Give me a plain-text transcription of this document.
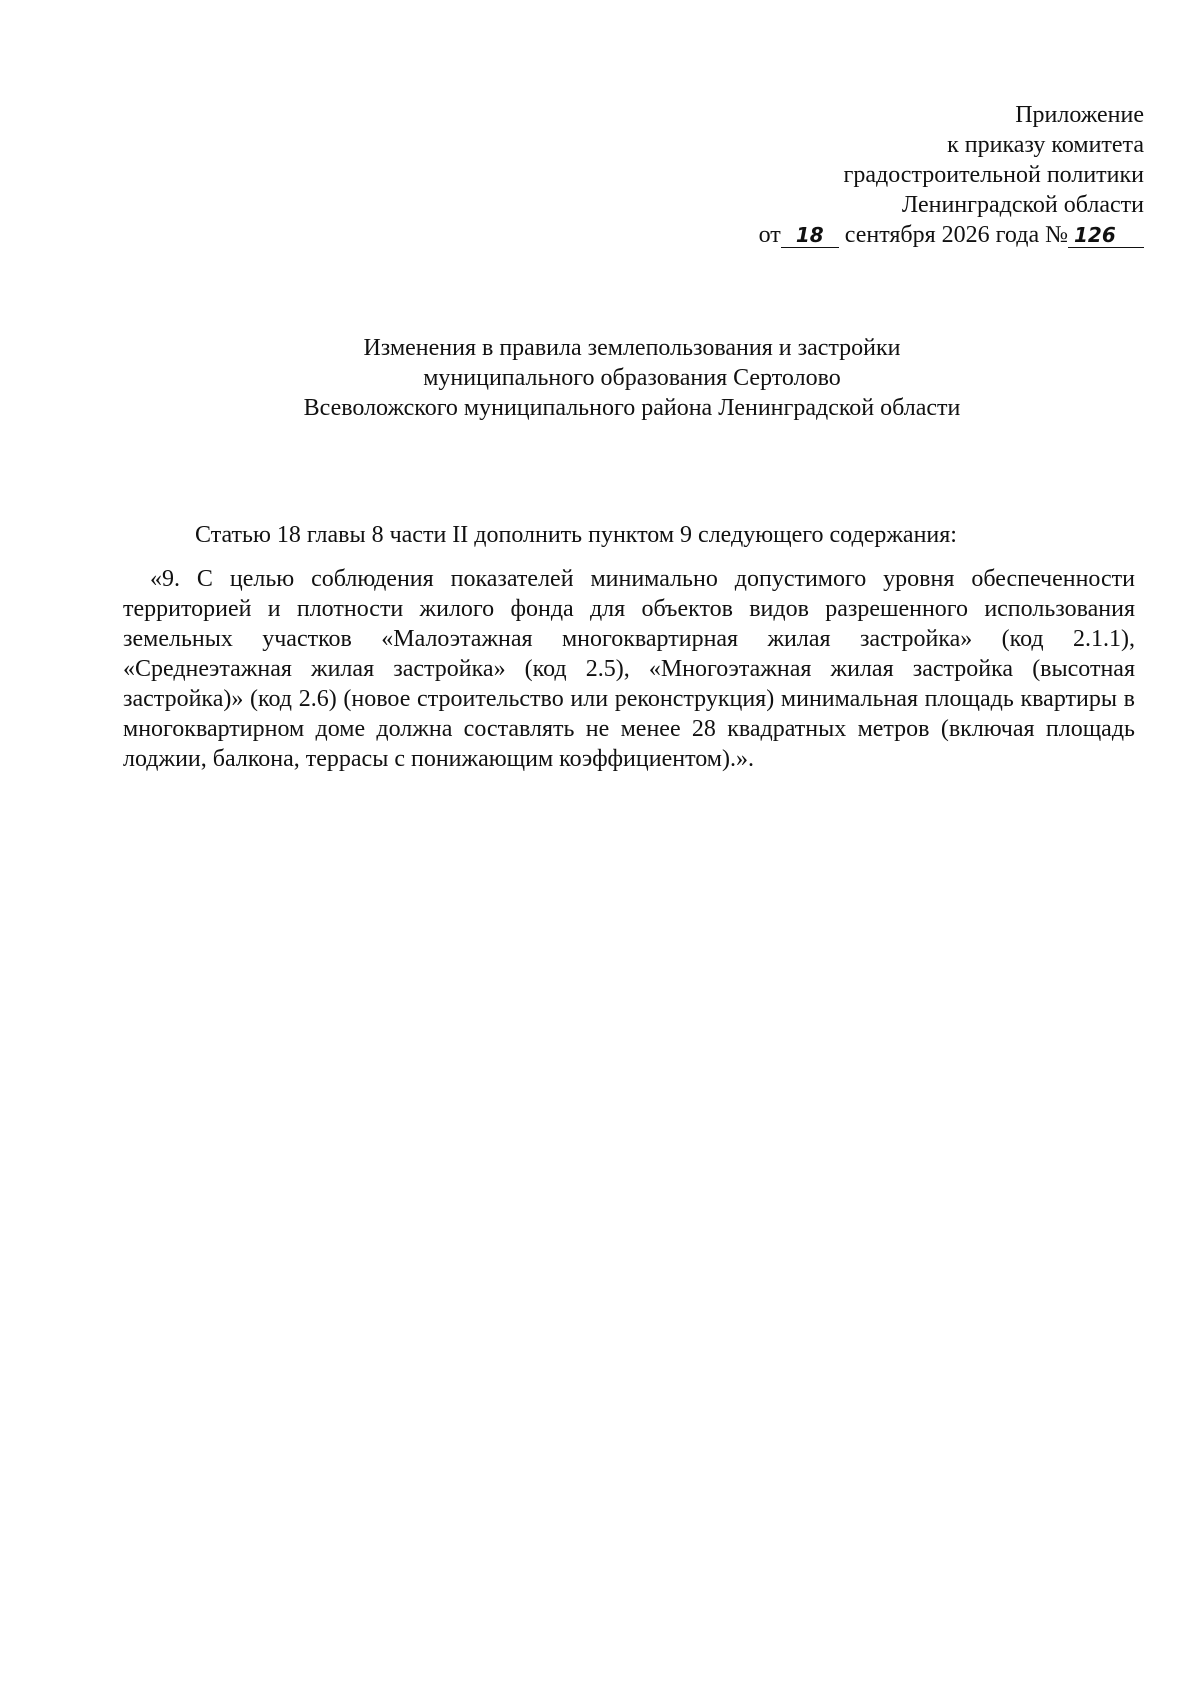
Приложение
к приказу комитета
градостроительной политики
Ленинградской области
от 18 сентября 2026 года № 126
Изменения в правила землепользования и застройки
муниципального образования Сертолово
Всеволожского муниципального района Ленинградской области
Статью 18 главы 8 части II дополнить пунктом 9 следующего содержания:
«9. С целью соблюдения показателей минимально допустимого уровня обеспеченности территорией и плотности жилого фонда для объектов видов разрешенного использования земельных участков «Малоэтажная многоквартирная жилая застройка» (код 2.1.1), «Среднеэтажная жилая застройка» (код 2.5), «Многоэтажная жилая застройка (высотная застройка)» (код 2.6) (новое строительство или реконструкция) минимальная площадь квартиры в многоквартирном доме должна составлять не менее 28 квадратных метров (включая площадь лоджии, балкона, террасы с понижающим коэффициентом).».
